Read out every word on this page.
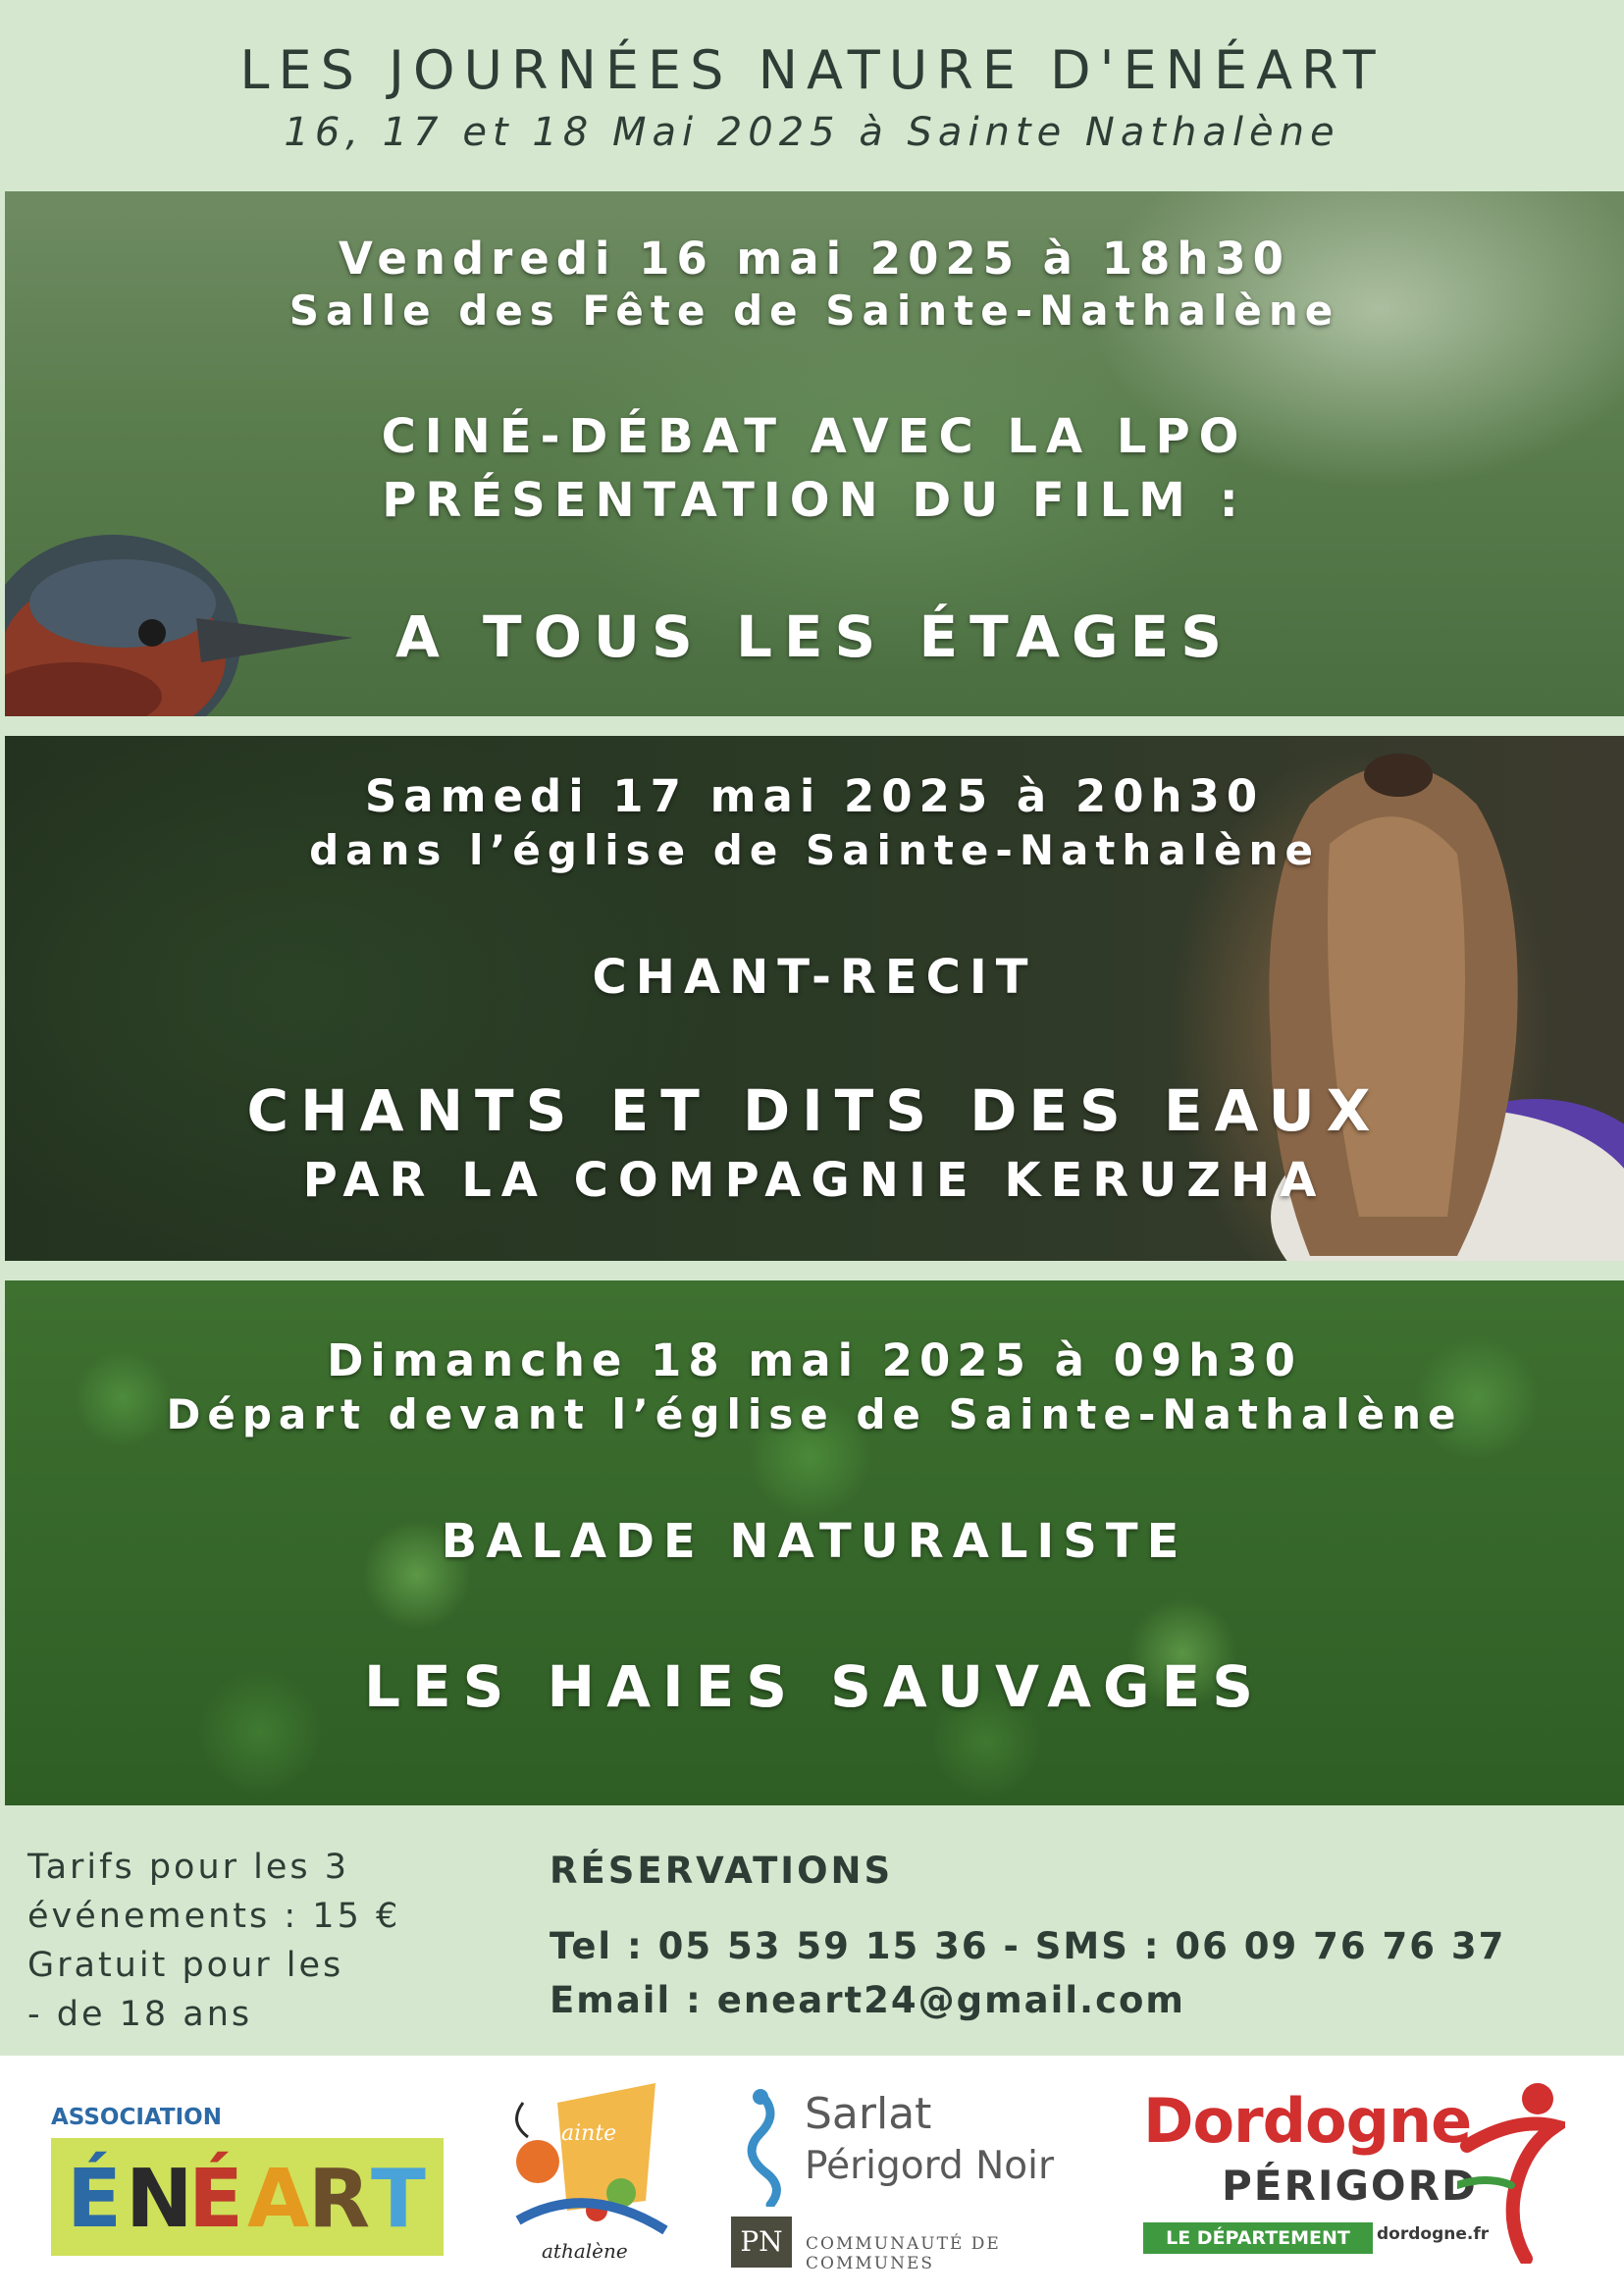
LES JOURNÉES NATURE D'ENÉART
16, 17 et 18 Mai 2025 à Sainte Nathalène
Vendredi 16 mai 2025 à 18h30
Salle des Fête de Sainte-Nathalène
CINÉ-DÉBAT AVEC LA LPO
PRÉSENTATION DU FILM :
A TOUS LES ÉTAGES
Samedi 17 mai 2025 à 20h30
dans l’église de Sainte-Nathalène
CHANT-RECIT
CHANTS ET DITS DES EAUX
PAR LA COMPAGNIE KERUZHA
Dimanche 18 mai 2025 à 09h30
Départ devant l’église de Sainte-Nathalène
BALADE NATURALISTE
LES HAIES SAUVAGES
Tarifs pour les 3
événements : 15 €
Gratuit pour les
- de 18 ans
RÉSERVATIONS
Tel : 05 53 59 15 36 - SMS : 06 09 76 76 37
Email : eneart24@gmail.com
ASSOCIATION
É N
É A
R T
ainte
athalène
Sarlat
Périgord Noir
PN	COMMUNAUTÉ DE COMMUNES
Dordogne
PÉRIGORD
LE DÉPARTEMENT	dordogne.fr
